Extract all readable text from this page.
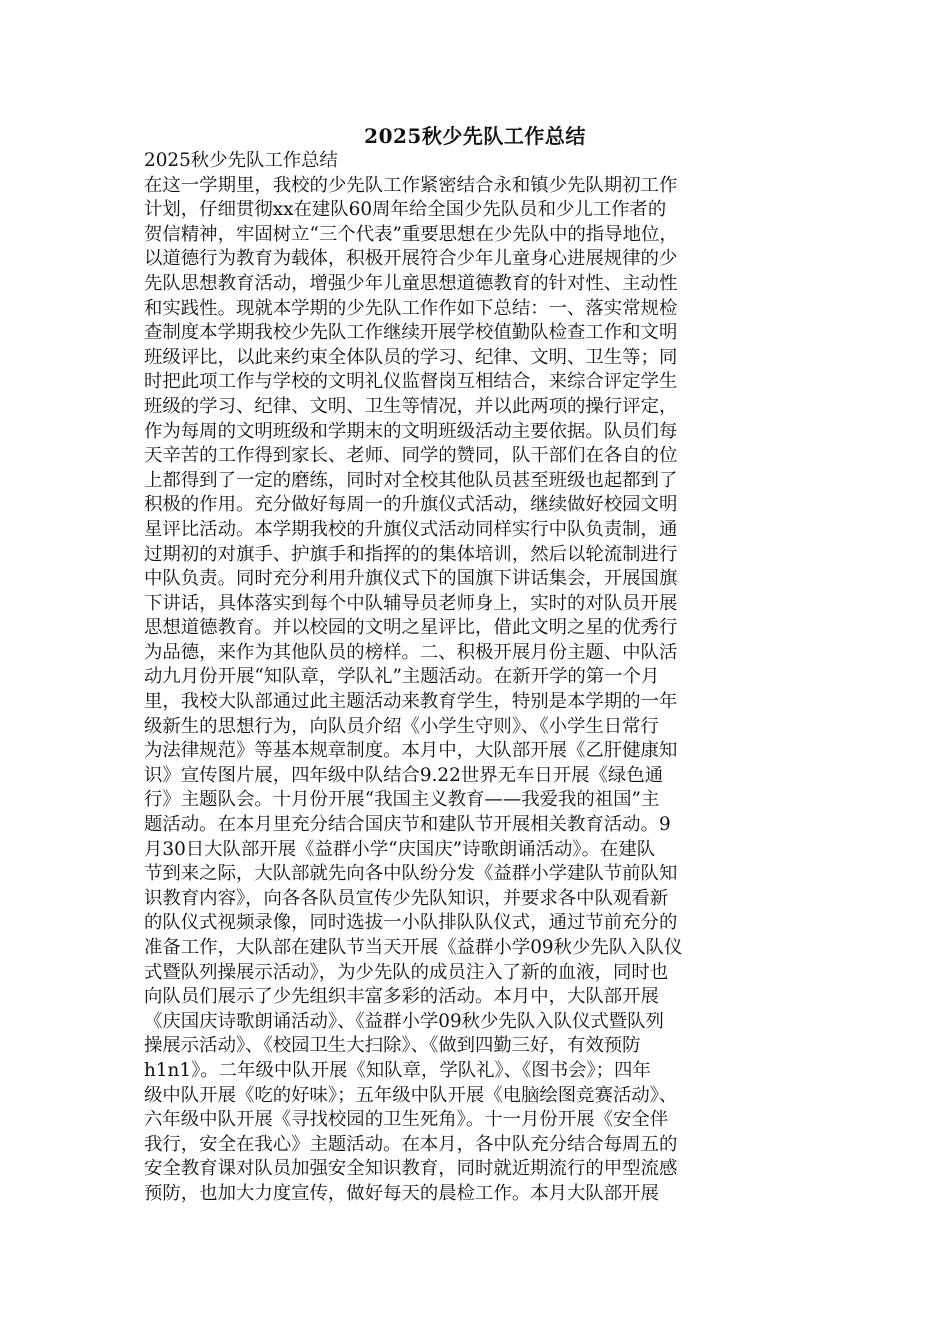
2025秋少先队工作总结
2025秋少先队工作总结
在这一学期里，我校的少先队工作紧密结合永和镇少先队期初工作
计划，仔细贯彻xx在建队60周年给全国少先队员和少儿工作者的
贺信精神，牢固树立“三个代表”重要思想在少先队中的指导地位，
以道德行为教育为载体，积极开展符合少年儿童身心进展规律的少
先队思想教育活动，增强少年儿童思想道德教育的针对性、主动性
和实践性。现就本学期的少先队工作作如下总结：一、落实常规检
查制度本学期我校少先队工作继续开展学校值勤队检查工作和文明
班级评比，以此来约束全体队员的学习、纪律、文明、卫生等；同
时把此项工作与学校的文明礼仪监督岗互相结合，来综合评定学生
班级的学习、纪律、文明、卫生等情况，并以此两项的操行评定，
作为每周的文明班级和学期末的文明班级活动主要依据。队员们每
天辛苦的工作得到家长、老师、同学的赞同，队干部们在各自的位
上都得到了一定的磨练，同时对全校其他队员甚至班级也起都到了
积极的作用。充分做好每周一的升旗仪式活动，继续做好校园文明
星评比活动。本学期我校的升旗仪式活动同样实行中队负责制，通
过期初的对旗手、护旗手和指挥的的集体培训，然后以轮流制进行
中队负责。同时充分利用升旗仪式下的国旗下讲话集会，开展国旗
下讲话，具体落实到每个中队辅导员老师身上，实时的对队员开展
思想道德教育。并以校园的文明之星评比，借此文明之星的优秀行
为品德，来作为其他队员的榜样。二、积极开展月份主题、中队活
动九月份开展“知队章，学队礼”主题活动。在新开学的第一个月
里，我校大队部通过此主题活动来教育学生，特别是本学期的一年
级新生的思想行为，向队员介绍《小学生守则》、《小学生日常行
为法律规范》等基本规章制度。本月中，大队部开展《乙肝健康知
识》宣传图片展，四年级中队结合9.22世界无车日开展《绿色通
行》主题队会。十月份开展“我国主义教育——我爱我的祖国”主
题活动。在本月里充分结合国庆节和建队节开展相关教育活动。9
月30日大队部开展《益群小学“庆国庆”诗歌朗诵活动》。在建队
节到来之际，大队部就先向各中队纷分发《益群小学建队节前队知
识教育内容》，向各各队员宣传少先队知识，并要求各中队观看新
的队仪式视频录像，同时选拔一小队排队队仪式，通过节前充分的
准备工作，大队部在建队节当天开展《益群小学09秋少先队入队仪
式暨队列操展示活动》，为少先队的成员注入了新的血液，同时也
向队员们展示了少先组织丰富多彩的活动。本月中，大队部开展
《庆国庆诗歌朗诵活动》、《益群小学09秋少先队入队仪式暨队列
操展示活动》、《校园卫生大扫除》、《做到四勤三好，有效预防
h1n1》。二年级中队开展《知队章，学队礼》、《图书会》；四年
级中队开展《吃的好味》；五年级中队开展《电脑绘图竞赛活动》、
六年级中队开展《寻找校园的卫生死角》。十一月份开展《安全伴
我行，安全在我心》主题活动。在本月，各中队充分结合每周五的
安全教育课对队员加强安全知识教育，同时就近期流行的甲型流感
预防，也加大力度宣传，做好每天的晨检工作。本月大队部开展
